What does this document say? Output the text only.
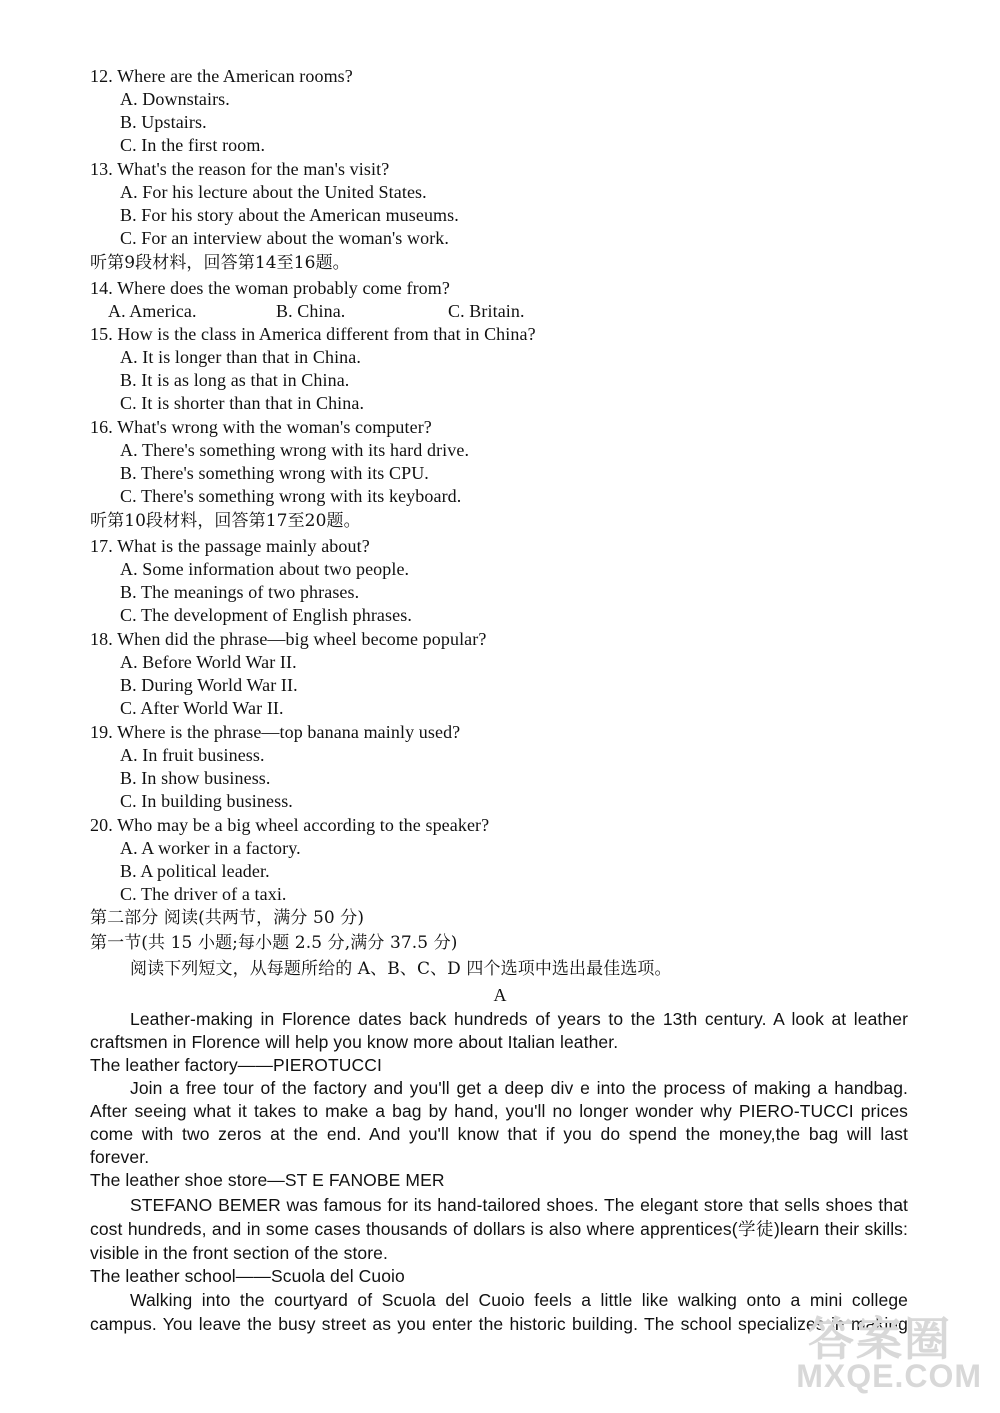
12. Where are the American rooms?
A. Downstairs.
B. Upstairs.
C. In the first room.
13. What's the reason for the man's visit?
A. For his lecture about the United States.
B. For his story about the American museums.
C. For an interview about the woman's work.
听第9段材料，回答第14至16题。
14. Where does the woman probably come from?
A. America.	B. China.	C. Britain.
15. How is the class in America different from that in China?
A. It is longer than that in China.
B. It is as long as that in China.
C. It is shorter than that in China.
16. What's wrong with the woman's computer?
A. There's something wrong with its hard drive.
B. There's something wrong with its CPU.
C. There's something wrong with its keyboard.
听第10段材料，回答第17至20题。
17. What is the passage mainly about?
A. Some information about two people.
B. The meanings of two phrases.
C. The development of English phrases.
18. When did the phrase—big wheel become popular?
A. Before World War II.
B. During World War II.
C. After World War II.
19. Where is the phrase—top banana mainly used?
A. In fruit business.
B. In show business.
C. In building business.
20. Who may be a big wheel according to the speaker?
A. A worker in a factory.
B. A political leader.
C. The driver of a taxi.
第二部分 阅读(共两节，满分 50 分)
第一节(共 15 小题;每小题 2.5 分,满分 37.5 分)
阅读下列短文，从每题所给的 A、B、C、D 四个选项中选出最佳选项。
A
Leather-making in Florence dates back hundreds of years to the 13th century. A look at leather
craftsmen in Florence will help you know more about Italian leather.
The leather factory——PIEROTUCCI
Join a free tour of the factory and you'll get a deep div e into the process of making a handbag.
After seeing what it takes to make a bag by hand, you'll no longer wonder why PIERO-TUCCI prices
come with two zeros at the end. And you'll know that if you do spend the money,the bag will last
forever.
The leather shoe store—ST E FANOBE MER
STEFANO BEMER was famous for its hand-tailored shoes. The elegant store that sells shoes that
cost hundreds, and in some cases thousands of dollars is also where apprentices(学徒)learn their skills:
visible in the front section of the store.
The leather school——Scuola del Cuoio
Walking into the courtyard of Scuola del Cuoio feels a little like walking onto a mini college
campus. You leave the busy street as you enter the historic building. The school specializes in making
答案圈
MXQE.COM
